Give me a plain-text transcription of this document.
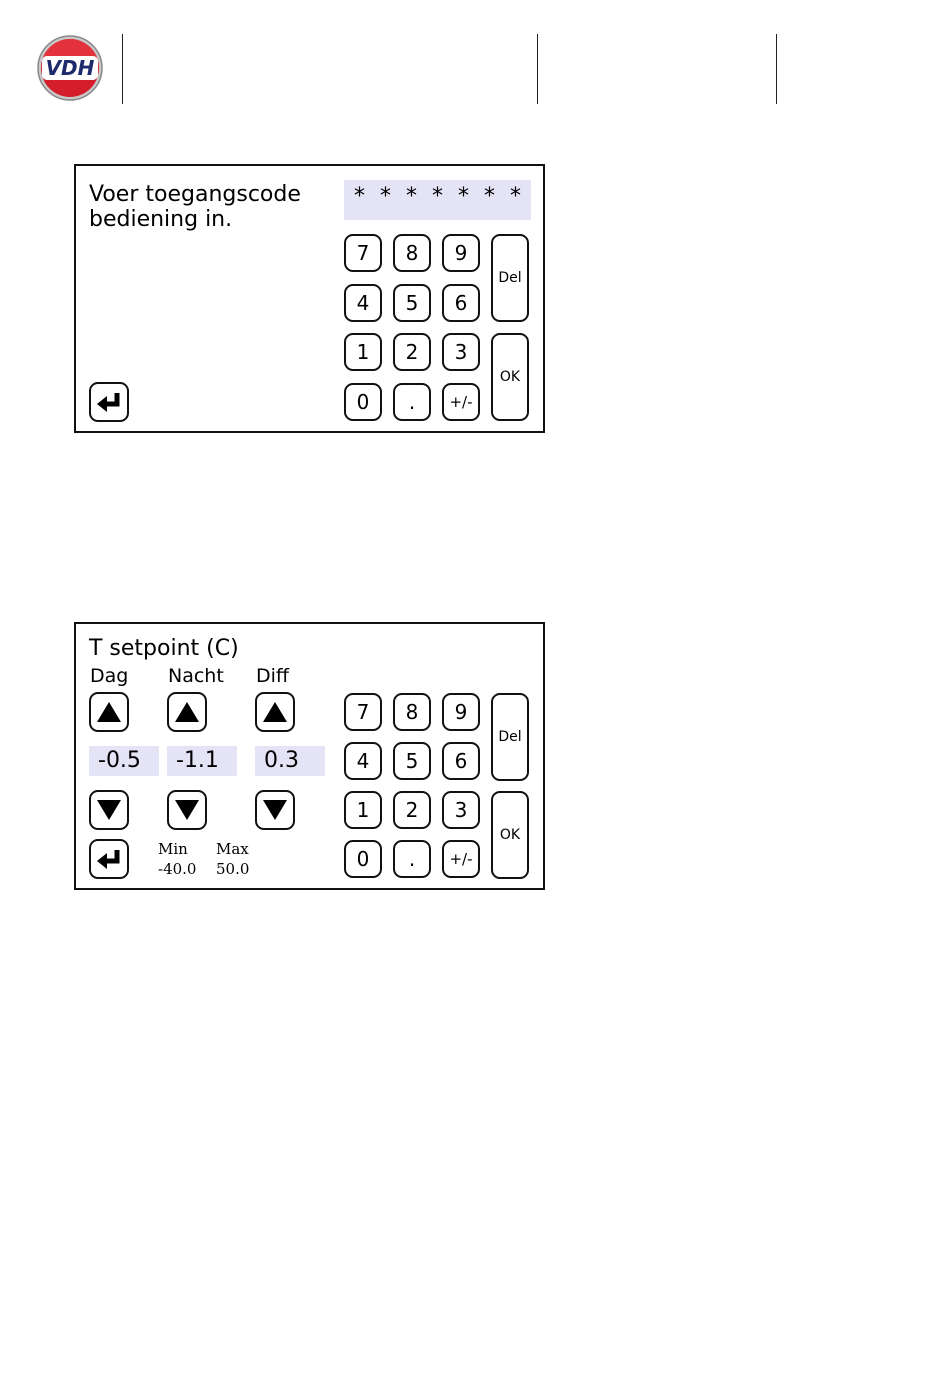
VDH
Voer toegangscode
bediening in.
* * * * * * *
7	8	9
4	5	6
1	2	3
0	.	+/-
Del
OK
T setpoint (C)
Dag Nacht Diff
-0.5	-1.1	0.3
Min
-40.0
Max
50.0
7	8	9
4	5	6
1	2	3
0	.	+/-
Del
OK
